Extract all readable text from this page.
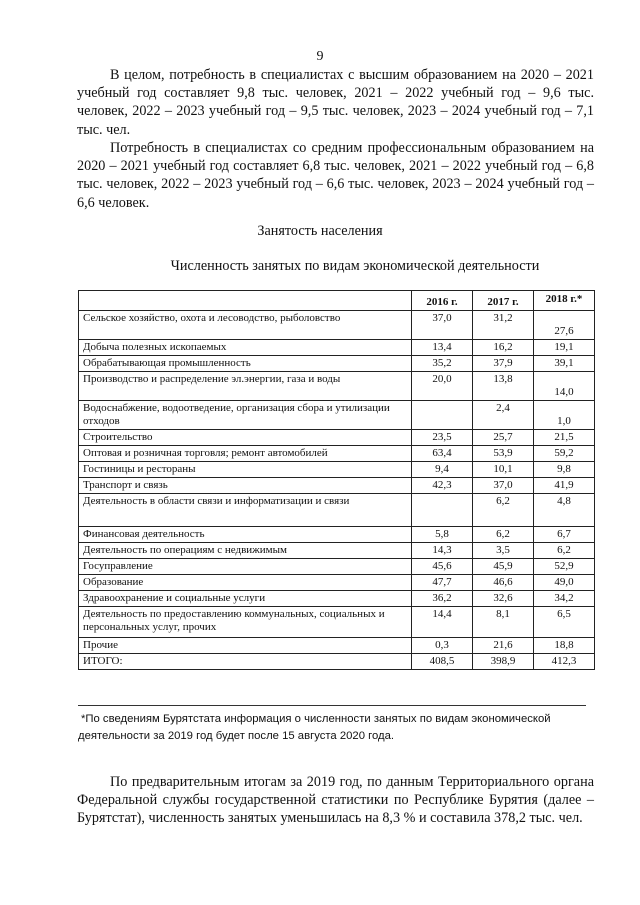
9

В целом, потребность в специалистах с высшим образованием на 2020 – 2021 учебный год составляет 9,8 тыс. человек, 2021 – 2022 учебный год – 9,6 тыс. человек, 2022 – 2023 учебный год – 9,5 тыс. человек, 2023 – 2024 учебный год – 7,1 тыс. чел.

Потребность в специалистах со средним профессиональным образованием на 2020 – 2021 учебный год составляет 6,8 тыс. человек, 2021 – 2022 учебный год – 6,8 тыс. человек, 2022 – 2023 учебный год – 6,6 тыс. человек, 2023 – 2024 учебный год – 6,6 человек.

Занятость населения
Численность занятых по видам экономической деятельности
	2016 г.	2017 г.	2018 г.*
Сельское хозяйство, охота и лесоводство, рыболовство	37,0	31,2	27,6
Добыча полезных ископаемых	13,4	16,2	19,1
Обрабатывающая промышленность	35,2	37,9	39,1
Производство и распределение эл.энергии, газа и воды	20,0	13,8	14,0
Водоснабжение, водоотведение, организация сбора и утилизации отходов		2,4	1,0
Строительство	23,5	25,7	21,5
Оптовая и розничная торговля; ремонт автомобилей	63,4	53,9	59,2
Гостиницы и рестораны	9,4	10,1	9,8
Транспорт и связь	42,3	37,0	41,9
Деятельность в области связи и информатизации и связи		6,2	4,8
Финансовая деятельность	5,8	6,2	6,7
Деятельность по операциям с недвижимым	14,3	3,5	6,2
Госуправление	45,6	45,9	52,9
Образование	47,7	46,6	49,0
Здравоохранение и социальные услуги	36,2	32,6	34,2
Деятельность по предоставлению коммунальных, социальных и персональных услуг, прочих	14,4	8,1	6,5
Прочие	0,3	21,6	18,8
ИТОГО:	408,5	398,9	412,3

*По сведениям Бурятстата информация о численности занятых по видам экономической деятельности за 2019 год будет после 15 августа 2020 года.

По предварительным итогам за 2019 год, по данным Территориального органа Федеральной службы государственной статистики по Республике Бурятия (далее – Бурятстат), численность занятых уменьшилась на 8,3 % и составила 378,2 тыс. чел.
